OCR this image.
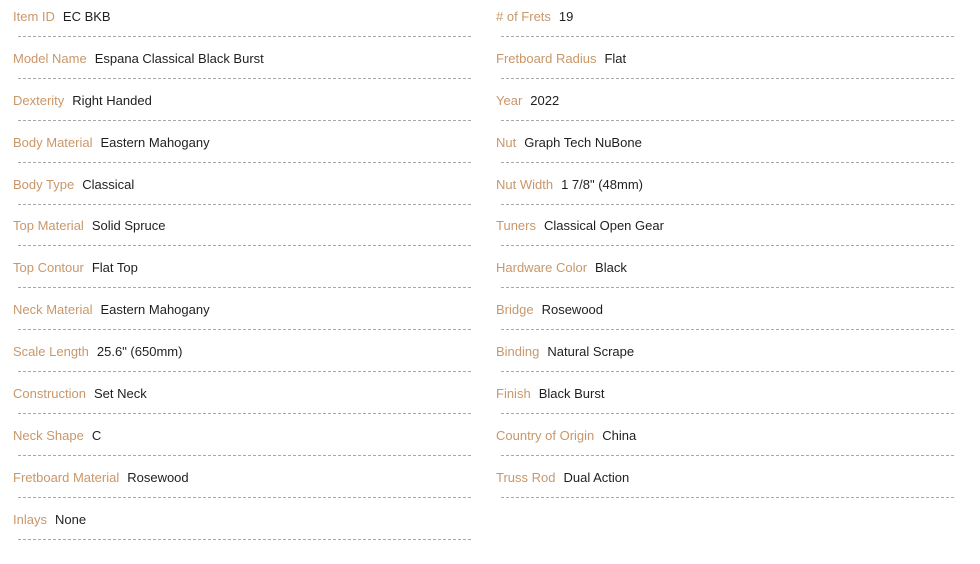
Item ID EC BKB
Model Name Espana Classical Black Burst
Dexterity Right Handed
Body Material Eastern Mahogany
Body Type Classical
Top Material Solid Spruce
Top Contour Flat Top
Neck Material Eastern Mahogany
Scale Length 25.6" (650mm)
Construction Set Neck
Neck Shape C
Fretboard Material Rosewood
Inlays None
# of Frets 19
Fretboard Radius Flat
Year 2022
Nut Graph Tech NuBone
Nut Width 1 7/8" (48mm)
Tuners Classical Open Gear
Hardware Color Black
Bridge Rosewood
Binding Natural Scrape
Finish Black Burst
Country of Origin China
Truss Rod Dual Action
